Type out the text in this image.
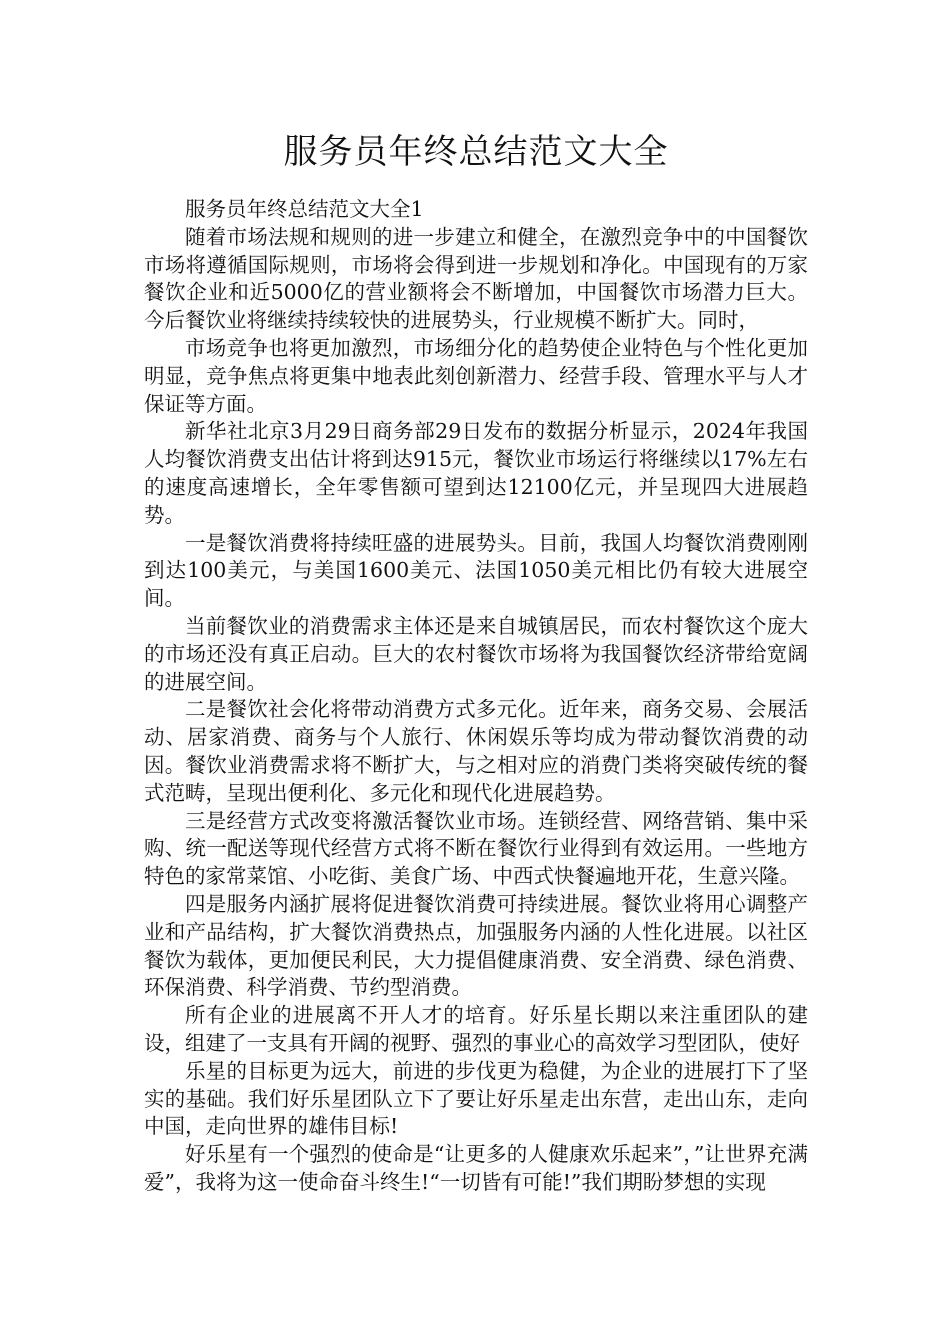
服务员年终总结范文大全

服务员年终总结范文大全1

随着市场法规和规则的进一步建立和健全，在激烈竞争中的中国餐饮市场将遵循国际规则，市场将会得到进一步规划和净化。中国现有的万家餐饮企业和近5000亿的营业额将会不断增加，中国餐饮市场潜力巨大。今后餐饮业将继续持续较快的进展势头，行业规模不断扩大。同时，

市场竞争也将更加激烈，市场细分化的趋势使企业特色与个性化更加明显，竞争焦点将更集中地表此刻创新潜力、经营手段、管理水平与人才保证等方面。

新华社北京3月29日商务部29日发布的数据分析显示，2024年我国人均餐饮消费支出估计将到达915元，餐饮业市场运行将继续以17%左右的速度高速增长，全年零售额可望到达12100亿元，并呈现四大进展趋势。

一是餐饮消费将持续旺盛的进展势头。目前，我国人均餐饮消费刚刚到达100美元，与美国1600美元、法国1050美元相比仍有较大进展空间。

当前餐饮业的消费需求主体还是来自城镇居民，而农村餐饮这个庞大的市场还没有真正启动。巨大的农村餐饮市场将为我国餐饮经济带给宽阔的进展空间。

二是餐饮社会化将带动消费方式多元化。近年来，商务交易、会展活动、居家消费、商务与个人旅行、休闲娱乐等均成为带动餐饮消费的动因。餐饮业消费需求将不断扩大，与之相对应的消费门类将突破传统的餐式范畴，呈现出便利化、多元化和现代化进展趋势。

三是经营方式改变将激活餐饮业市场。连锁经营、网络营销、集中采购、统一配送等现代经营方式将不断在餐饮行业得到有效运用。一些地方特色的家常菜馆、小吃街、美食广场、中西式快餐遍地开花，生意兴隆。

四是服务内涵扩展将促进餐饮消费可持续进展。餐饮业将用心调整产业和产品结构，扩大餐饮消费热点，加强服务内涵的人性化进展。以社区餐饮为载体，更加便民利民，大力提倡健康消费、安全消费、绿色消费、环保消费、科学消费、节约型消费。

所有企业的进展离不开人才的培育。好乐星长期以来注重团队的建设，组建了一支具有开阔的视野、强烈的事业心的高效学习型团队，使好

乐星的目标更为远大，前进的步伐更为稳健，为企业的进展打下了坚实的基础。我们好乐星团队立下了要让好乐星走出东营，走出山东，走向中国，走向世界的雄伟目标!

好乐星有一个强烈的使命是“让更多的人健康欢乐起来”，”让世界充满爱”，我将为这一使命奋斗终生!“一切皆有可能!”我们期盼梦想的实现
